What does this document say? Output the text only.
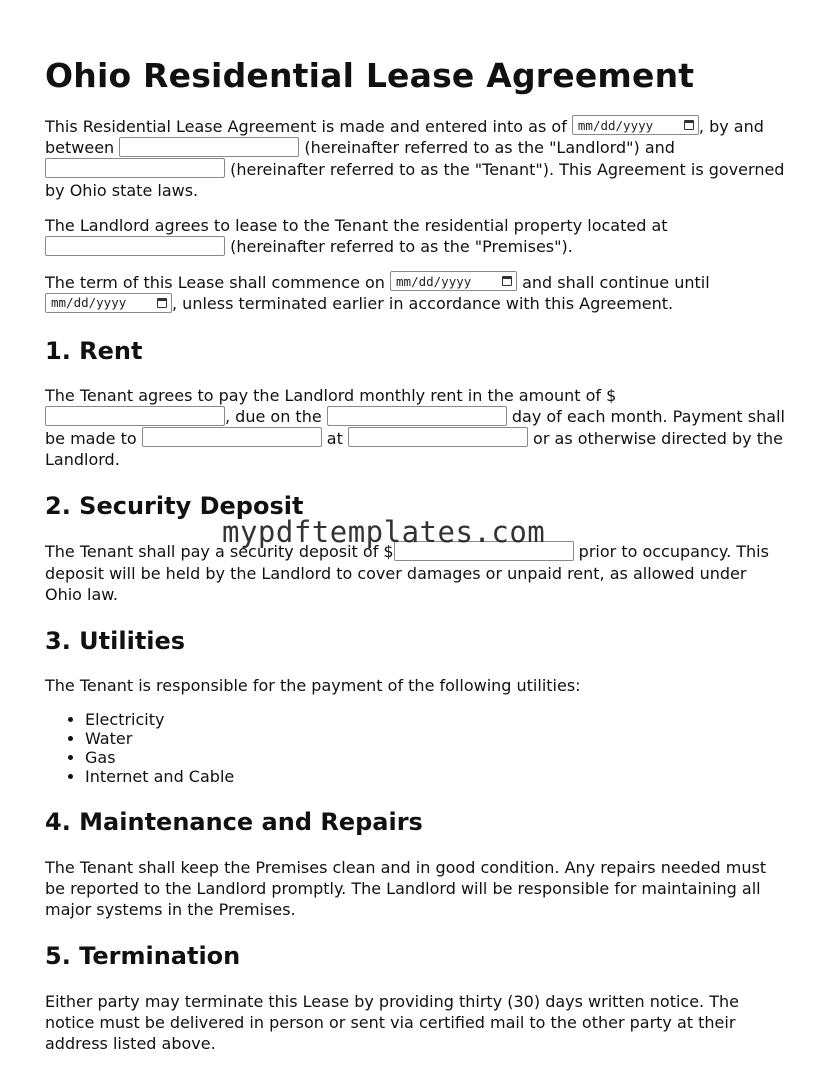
Ohio Residential Lease Agreement

This Residential Lease Agreement is made and entered into as of mm/dd/yyyy	, by and between	(hereinafter referred to as the "Landlord") and  (hereinafter referred to as the "Tenant"). This Agreement is governed by Ohio state laws.

The Landlord agrees to lease to the Tenant the residential property located at  (hereinafter referred to as the "Premises").

The term of this Lease shall commence on mm/dd/yyyy	and shall continue until
mm/dd/yyyy	, unless terminated earlier in accordance with this Agreement.

1. Rent

The Tenant agrees to pay the Landlord monthly rent in the amount of $ , due on the	day of each month. Payment shall be made to	at	or as otherwise directed by the Landlord.

2. Security Deposit

The Tenant shall pay a security deposit of $	prior to occupancy. This deposit will be held by the Landlord to cover damages or unpaid rent, as allowed under Ohio law.

3. Utilities

The Tenant is responsible for the payment of the following utilities:

• Electricity
• Water
• Gas
• Internet and Cable
4. Maintenance and Repairs

The Tenant shall keep the Premises clean and in good condition. Any repairs needed must be reported to the Landlord promptly. The Landlord will be responsible for maintaining all major systems in the Premises.

5. Termination

Either party may terminate this Lease by providing thirty (30) days written notice. The notice must be delivered in person or sent via certified mail to the other party at their address listed above.

mypdftemplates.com
